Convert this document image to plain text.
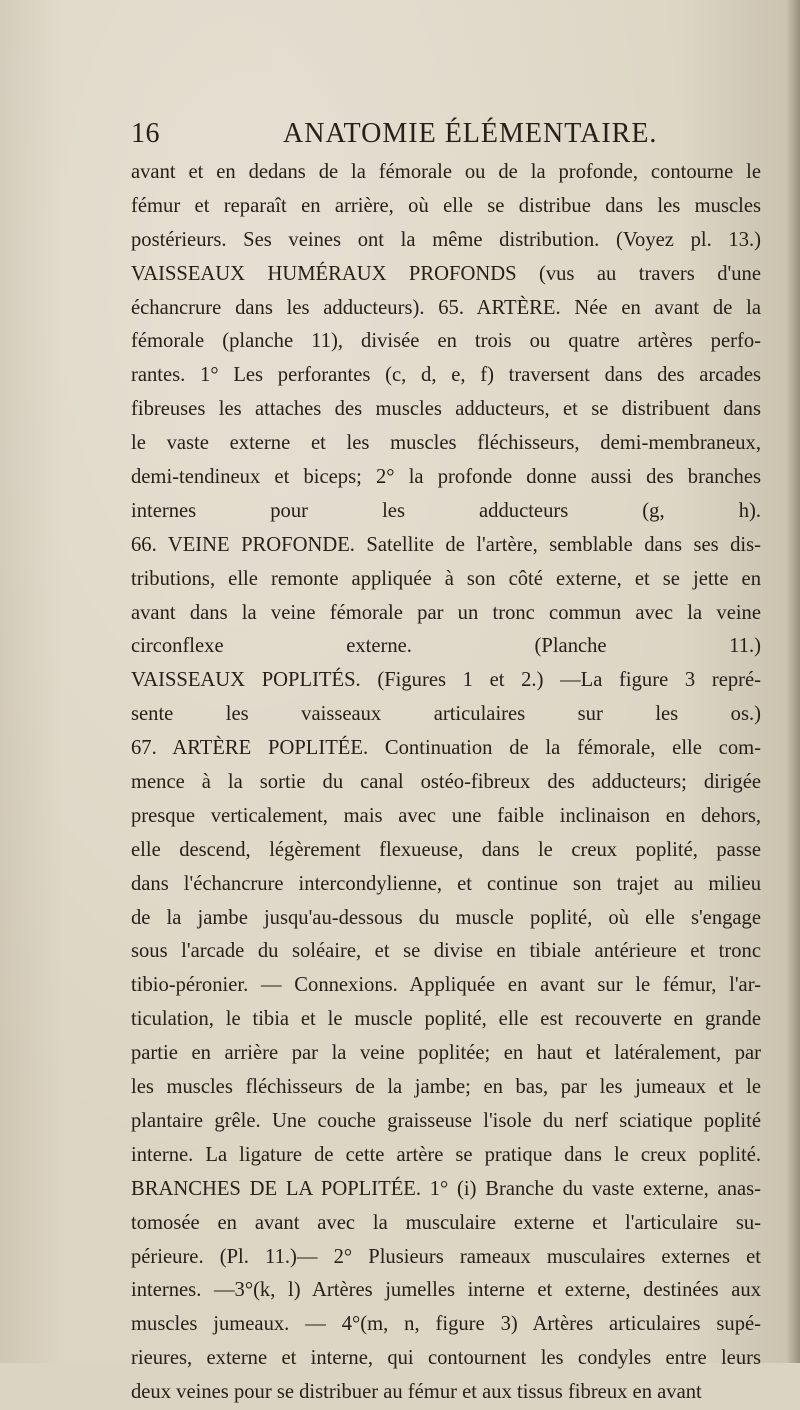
16	ANATOMIE ÉLÉMENTAIRE.
avant et en dedans de la fémorale ou de la profonde, contourne le
fémur et reparaît en arrière, où elle se distribue dans les muscles
postérieurs. Ses veines ont la même distribution. (Voyez pl. 13.)
VAISSEAUX HUMÉRAUX PROFONDS (vus au travers d'une
échancrure dans les adducteurs). 65. ARTÈRE. Née en avant de la
fémorale (planche 11), divisée en trois ou quatre artères perfo-
rantes. 1° Les perforantes (c, d, e, f) traversent dans des arcades
fibreuses les attaches des muscles adducteurs, et se distribuent dans
le vaste externe et les muscles fléchisseurs, demi-membraneux,
demi-tendineux et biceps; 2° la profonde donne aussi des branches
internes pour les adducteurs (g, h).
66. VEINE PROFONDE. Satellite de l'artère, semblable dans ses dis-
tributions, elle remonte appliquée à son côté externe, et se jette en
avant dans la veine fémorale par un tronc commun avec la veine
circonflexe externe. (Planche 11.)
VAISSEAUX POPLITÉS. (Figures 1 et 2.) —La figure 3 repré-
sente les vaisseaux articulaires sur les os.)
67. ARTÈRE POPLITÉE. Continuation de la fémorale, elle com-
mence à la sortie du canal ostéo-fibreux des adducteurs; dirigée
presque verticalement, mais avec une faible inclinaison en dehors,
elle descend, légèrement flexueuse, dans le creux poplité, passe
dans l'échancrure intercondylienne, et continue son trajet au milieu
de la jambe jusqu'au-dessous du muscle poplité, où elle s'engage
sous l'arcade du soléaire, et se divise en tibiale antérieure et tronc
tibio-péronier. — Connexions. Appliquée en avant sur le fémur, l'ar-
ticulation, le tibia et le muscle poplité, elle est recouverte en grande
partie en arrière par la veine poplitée; en haut et latéralement, par
les muscles fléchisseurs de la jambe; en bas, par les jumeaux et le
plantaire grêle. Une couche graisseuse l'isole du nerf sciatique poplité
interne. La ligature de cette artère se pratique dans le creux poplité.
BRANCHES DE LA POPLITÉE. 1° (i) Branche du vaste externe, anas-
tomosée en avant avec la musculaire externe et l'articulaire su-
périeure. (Pl. 11.)— 2° Plusieurs rameaux musculaires externes et
internes. —3°(k, l) Artères jumelles interne et externe, destinées aux
muscles jumeaux. — 4°(m, n, figure 3) Artères articulaires supé-
rieures, externe et interne, qui contournent les condyles entre leurs
deux veines pour se distribuer au fémur et aux tissus fibreux en avant
